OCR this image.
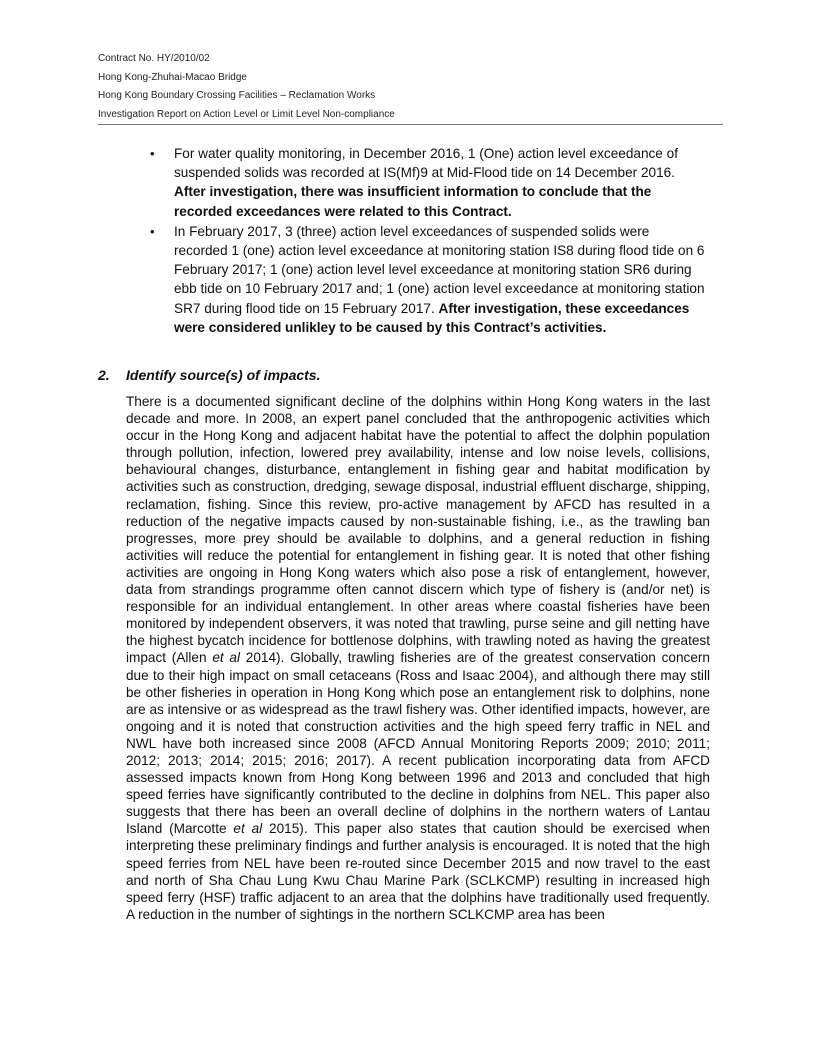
Contract No. HY/2010/02
Hong Kong-Zhuhai-Macao Bridge
Hong Kong Boundary Crossing Facilities – Reclamation Works
Investigation Report on Action Level or Limit Level Non-compliance
• For water quality monitoring, in December 2016, 1 (One) action level exceedance of suspended solids was recorded at IS(Mf)9 at Mid-Flood tide on 14 December 2016. After investigation, there was insufficient information to conclude that the recorded exceedances were related to this Contract.
• In February 2017, 3 (three) action level exceedances of suspended solids were recorded 1 (one) action level exceedance at monitoring station IS8 during flood tide on 6 February 2017; 1 (one) action level level exceedance at monitoring station SR6 during ebb tide on 10 February 2017 and; 1 (one) action level exceedance at monitoring station SR7 during flood tide on 15 February 2017. After investigation, these exceedances were considered unlikley to be caused by this Contract’s activities.
2. Identify source(s) of impacts.

There is a documented significant decline of the dolphins within Hong Kong waters in the last decade and more. In 2008, an expert panel concluded that the anthropogenic activities which occur in the Hong Kong and adjacent habitat have the potential to affect the dolphin population through pollution, infection, lowered prey availability, intense and low noise levels, collisions, behavioural changes, disturbance, entanglement in fishing gear and habitat modification by activities such as construction, dredging, sewage disposal, industrial effluent discharge, shipping, reclamation, fishing. Since this review, pro-active management by AFCD has resulted in a reduction of the negative impacts caused by non-sustainable fishing, i.e., as the trawling ban progresses, more prey should be available to dolphins, and a general reduction in fishing activities will reduce the potential for entanglement in fishing gear. It is noted that other fishing activities are ongoing in Hong Kong waters which also pose a risk of entanglement, however, data from strandings programme often cannot discern which type of fishery is (and/or net) is responsible for an individual entanglement. In other areas where coastal fisheries have been monitored by independent observers, it was noted that trawling, purse seine and gill netting have the highest bycatch incidence for bottlenose dolphins, with trawling noted as having the greatest impact (Allen et al 2014). Globally, trawling fisheries are of the greatest conservation concern due to their high impact on small cetaceans (Ross and Isaac 2004), and although there may still be other fisheries in operation in Hong Kong which pose an entanglement risk to dolphins, none are as intensive or as widespread as the trawl fishery was. Other identified impacts, however, are ongoing and it is noted that construction activities and the high speed ferry traffic in NEL and NWL have both increased since 2008 (AFCD Annual Monitoring Reports 2009; 2010; 2011; 2012; 2013; 2014; 2015; 2016; 2017). A recent publication incorporating data from AFCD assessed impacts known from Hong Kong between 1996 and 2013 and concluded that high speed ferries have significantly contributed to the decline in dolphins from NEL. This paper also suggests that there has been an overall decline of dolphins in the northern waters of Lantau Island (Marcotte et al 2015). This paper also states that caution should be exercised when interpreting these preliminary findings and further analysis is encouraged. It is noted that the high speed ferries from NEL have been re-routed since December 2015 and now travel to the east and north of Sha Chau Lung Kwu Chau Marine Park (SCLKCMP) resulting in increased high speed ferry (HSF) traffic adjacent to an area that the dolphins have traditionally used frequently. A reduction in the number of sightings in the northern SCLKCMP area has been
